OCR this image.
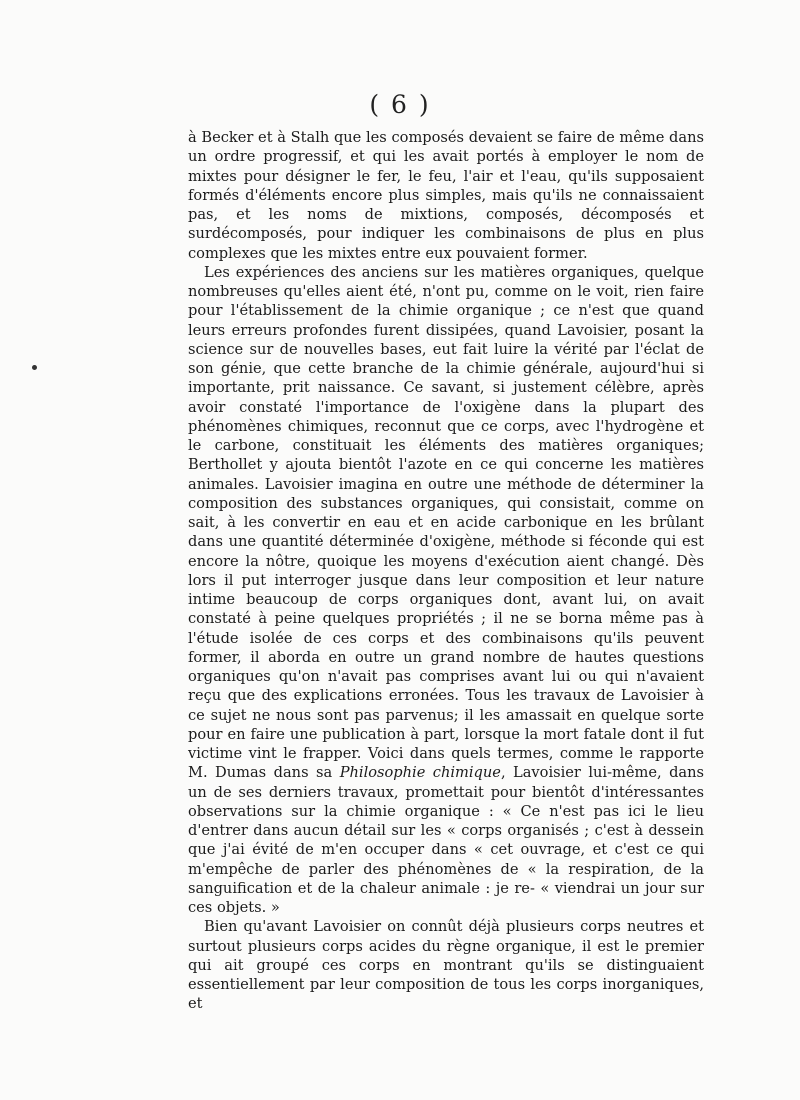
( 6 )

à Becker et à Stalh que les composés devaient se faire de même dans un ordre progressif, et qui les avait portés à employer le nom de mixtes pour désigner le fer, le feu, l'air et l'eau, qu'ils supposaient formés d'éléments encore plus simples, mais qu'ils ne connaissaient pas, et les noms de mixtions, composés, décomposés et surdécomposés, pour indiquer les combinaisons de plus en plus complexes que les mixtes entre eux pouvaient former.

Les expériences des anciens sur les matières organiques, quelque nombreuses qu'elles aient été, n'ont pu, comme on le voit, rien faire pour l'établissement de la chimie organique ; ce n'est que quand leurs erreurs profondes furent dissipées, quand Lavoisier, posant la science sur de nouvelles bases, eut fait luire la vérité par l'éclat de son génie, que cette branche de la chimie générale, aujourd'hui si importante, prit naissance. Ce savant, si justement célèbre, après avoir constaté l'importance de l'oxigène dans la plupart des phénomènes chimiques, reconnut que ce corps, avec l'hydrogène et le carbone, constituait les éléments des matières organiques; Berthollet y ajouta bientôt l'azote en ce qui concerne les matières animales. Lavoisier imagina en outre une méthode de déterminer la composition des substances organiques, qui consistait, comme on sait, à les convertir en eau et en acide carbonique en les brûlant dans une quantité déterminée d'oxigène, méthode si féconde qui est encore la nôtre, quoique les moyens d'exécution aient changé. Dès lors il put interroger jusque dans leur composition et leur nature intime beaucoup de corps organiques dont, avant lui, on avait constaté à peine quelques propriétés ; il ne se borna même pas à l'étude isolée de ces corps et des combinaisons qu'ils peuvent former, il aborda en outre un grand nombre de hautes questions organiques qu'on n'avait pas comprises avant lui ou qui n'avaient reçu que des explications erronées. Tous les travaux de Lavoisier à ce sujet ne nous sont pas parvenus; il les amassait en quelque sorte pour en faire une publication à part, lorsque la mort fatale dont il fut victime vint le frapper. Voici dans quels termes, comme le rapporte M. Dumas dans sa Philosophie chimique, Lavoisier lui-même, dans un de ses derniers travaux, promettait pour bientôt d'intéressantes observations sur la chimie organique : « Ce n'est pas ici le lieu d'entrer dans aucun détail sur les « corps organisés ; c'est à dessein que j'ai évité de m'en occuper dans « cet ouvrage, et c'est ce qui m'empêche de parler des phénomènes de « la respiration, de la sanguification et de la chaleur animale : je re- « viendrai un jour sur ces objets. »

Bien qu'avant Lavoisier on connût déjà plusieurs corps neutres et surtout plusieurs corps acides du règne organique, il est le premier qui ait groupé ces corps en montrant qu'ils se distinguaient essentiellement par leur composition de tous les corps inorganiques, et
